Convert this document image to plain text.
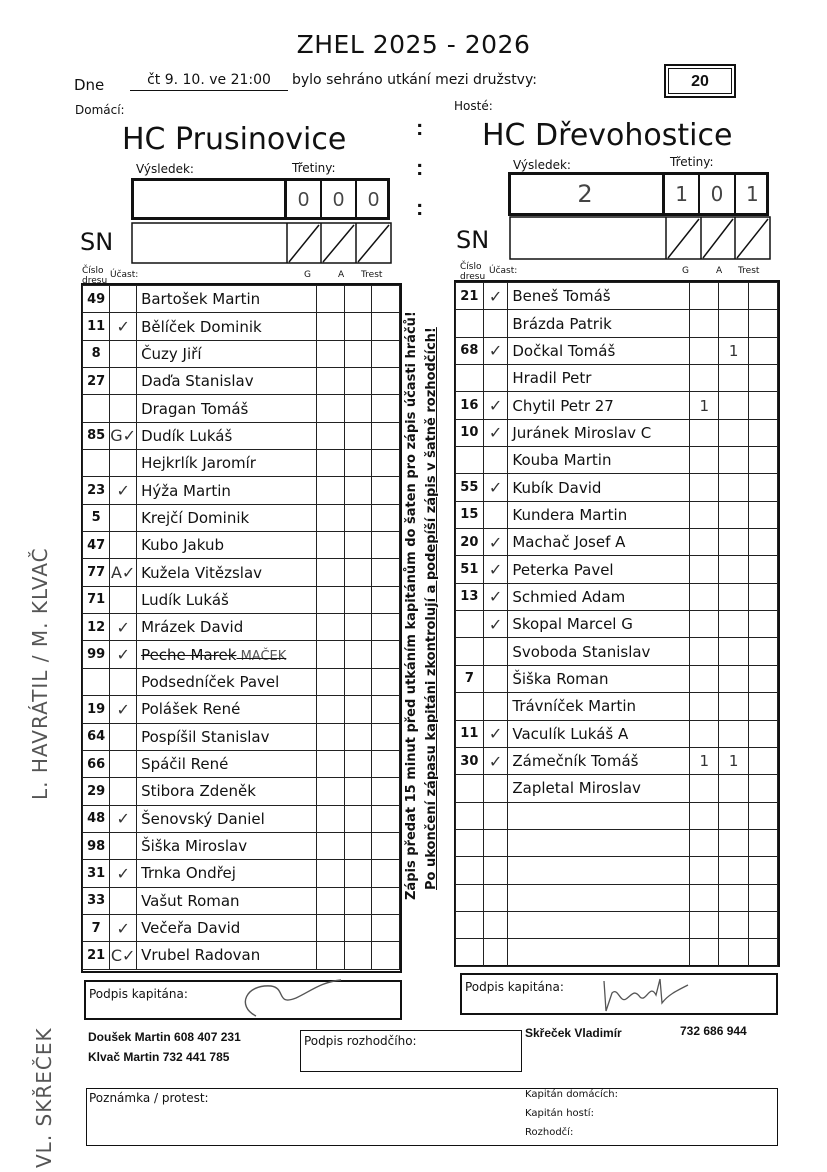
ZHEL 2025 - 2026
Dne	čt 9. 10. ve 21:00	bylo sehráno utkání mezi družstvy:	20
Domácí:	Hosté:
HC Prusinovice	HC Dřevohostice
:

:

:
Výsledek:	Třetiny:
0	0	0
Výsledek:	Třetiny:
2	1	0	1
SN	SN
Číslo dresu
Účast:	G	A Trest
Číslo dresu
Účast:	G	A Trest
49		Bartošek Martin			
11	✓	Bělíček Dominik			
8		Čuzy Jiří			
27		Daďa Stanislav			
		Dragan Tomáš			
85	G✓	Dudík Lukáš			
		Hejkrlík Jaromír			
23	✓	Hýža Martin			
5		Krejčí Dominik			
47		Kubo Jakub			
77	A✓	Kužela Vitězslav			
71		Ludík Lukáš			
12	✓	Mrázek David			
99	✓	Peche Marek MAČEK			
		Podsedníček Pavel			
19	✓	Polášek René			
64		Pospíšil Stanislav			
66		Spáčil René			
29		Stibora Zdeněk			
48	✓	Šenovský Daniel			
98		Šiška Miroslav			
31	✓	Trnka Ondřej			
33		Vašut Roman			
7	✓	Večeřa David			
21	C✓	Vrubel Radovan			
21	✓	Beneš Tomáš			
		Brázda Patrik			
68	✓	Dočkal Tomáš		1	
		Hradil Petr			
16	✓	Chytil Petr 27	1		
10	✓	Juránek Miroslav C			
		Kouba Martin			
55	✓	Kubík David			
15		Kundera Martin			
20	✓	Machač Josef A			
51	✓	Peterka Pavel			
13	✓	Schmied Adam			
	✓	Skopal Marcel G			
		Svoboda Stanislav			
7		Šiška Roman			
		Trávníček Martin			
11	✓	Vaculík Lukáš A			
30	✓	Zámečník Tomáš	1	1	
		Zapletal Miroslav			

Zápis předat 15 minut před utkáním kapitánům do šaten pro zápis účasti hráčů! Po ukončení zápasu kapitáni zkontrolují a podepíší zápis v šatně rozhodčích!
L. HAVRÁTIL / M. KLVAČ
VL. SKŘEČEK
Podpis kapitána:	Podpis kapitána:
Doušek Martin 608 407 231
Klvač Martin 732 441 785
Skřeček Vladimír	732 686 944
Podpis rozhodčího:
Poznámka / protest:	Kapitán domácích:
Kapitán hostí:
Rozhodčí:
